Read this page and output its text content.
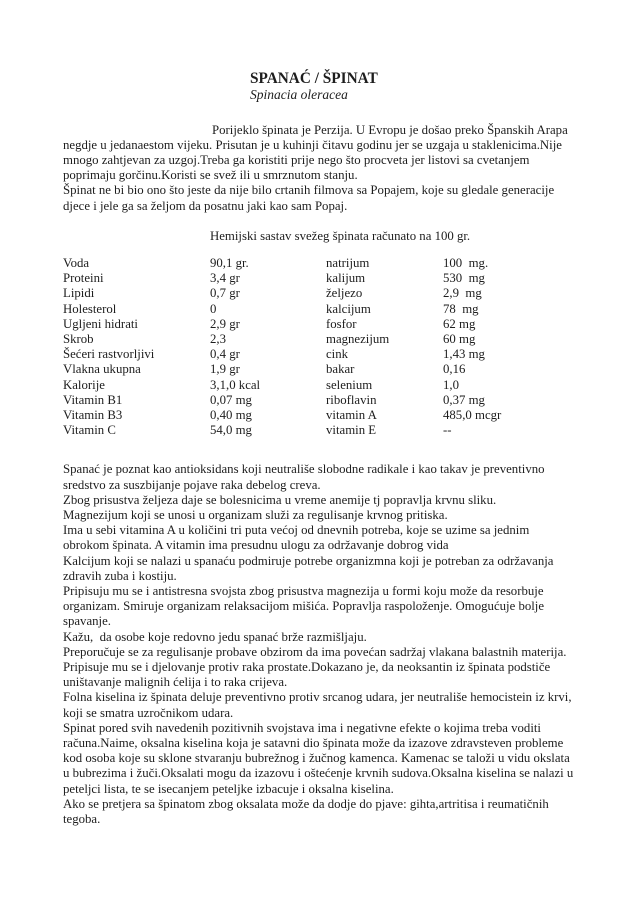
SPANAĆ / ŠPINAT
Spinacia oleracea

Porijeklo špinata je Perzija. U Evropu je došao preko Španskih Arapa negdje u jedanaestom vijeku. Prisutan je u kuhinji čitavu godinu jer se uzgaja u staklenicima.Nije mnogo zahtjevan za uzgoj.Treba ga koristiti prije nego što procveta jer listovi sa cvetanjem poprimaju gorčinu.Koristi se svež ili u smrznutom stanju.

Špinat ne bi bio ono što jeste da nije bilo crtanih filmova sa Popajem, koje su gledale generacije djece i jele ga sa željom da posatnu jaki kao sam Popaj.

Hemijski sastav svežeg špinata računato na 100 gr.

Voda	90,1 gr.	natrijum	100  mg.
Proteini	3,4 gr	kalijum	530  mg
Lipidi	0,7 gr	željezo	2,9  mg
Holesterol	0	kalcijum	78  mg
Ugljeni hidrati	2,9 gr	fosfor	62 mg
Skrob	2,3	magnezijum	60 mg
Šećeri rastvorljivi	0,4 gr	cink	1,43 mg
Vlakna ukupna	1,9 gr	bakar	0,16
Kalorije	3,1,0 kcal	selenium	1,0
Vitamin B1	0,07 mg	riboflavin	0,37 mg
Vitamin B3	0,40 mg	vitamin A	485,0 mcgr
Vitamin C	54,0 mg	vitamin E	--

Spanać je poznat kao antioksidans koji neutrališe slobodne radikale i kao takav je preventivno sredstvo za suszbijanje pojave raka debelog creva.

Zbog prisustva željeza daje se bolesnicima u vreme anemije tj popravlja krvnu sliku.

Magnezijum koji se unosi u organizam služi za regulisanje krvnog pritiska.

Ima u sebi vitamina A u količini tri puta većoj od dnevnih potreba, koje se uzime sa jednim obrokom špinata. A vitamin ima presudnu ulogu za održavanje dobrog vida

Kalcijum koji se nalazi u spanaću podmiruje potrebe organizmna koji je potreban za održavanja zdravih zuba i kostiju.

Pripisuju mu se i antistresna svojsta zbog prisustva magnezija u formi koju može da resorbuje organizam. Smiruje organizam relaksacijom mišića. Popravlja raspoloženje. Omogućuje bolje spavanje.

Kažu,  da osobe koje redovno jedu spanać brže razmišljaju.

Preporučuje se za regulisanje probave obzirom da ima povećan sadržaj vlakana balastnih materija.

Pripisuje mu se i djelovanje protiv raka prostate.Dokazano je, da neoksantin iz špinata podstiče uništavanje malignih ćelija i to raka crijeva.

Folna kiselina iz špinata deluje preventivno protiv srcanog udara, jer neutrališe hemocistein iz krvi, koji se smatra uzročnikom udara.

Spinat pored svih navedenih pozitivnih svojstava ima i negativne efekte o kojima treba voditi računa.Naime, oksalna kiselina koja je satavni dio špinata može da izazove zdravsteven probleme kod osoba koje su sklone stvaranju bubrežnog i žučnog kamenca. Kamenac se taloži u vidu okslata u bubrezima i žuči.Oksalati mogu da izazovu i oštećenje krvnih sudova.Oksalna kiselina se nalazi u peteljci lista, te se isecanjem peteljke izbacuje i oksalna kiselina.

Ako se pretjera sa špinatom zbog oksalata može da dodje do pjave: gihta,artritisa i reumatičnih tegoba.
